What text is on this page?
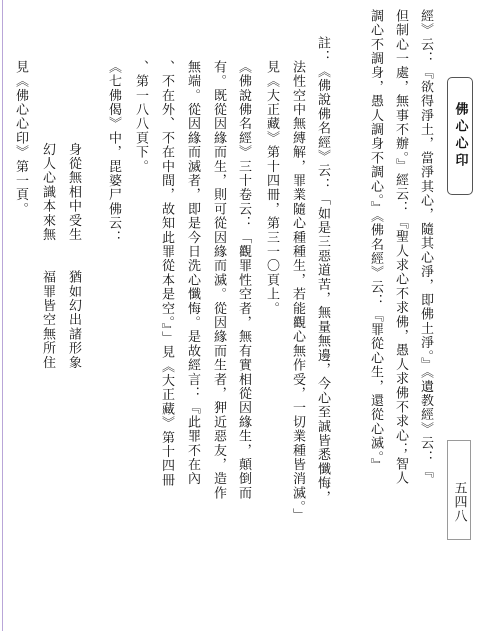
佛心心印
五四八
經》云：『欲得淨土，當淨其心，隨其心淨，即佛土淨。』《遺教經》云：『
但制心一處，無事不辦。』經云：『聖人求心不求佛，愚人求佛不求心；智人
調心不調身，愚人調身不調心。』《佛名經》云：『罪從心生，還從心滅。』
註：《佛說佛名經》云：「如是三惡道苦，無量無邊，今心至誠皆悉懺悔，
法性空中無縛解，罪業隨心種種生，若能觀心無作受，一切業種皆消滅。」
見《大正藏》第十四冊，第三一〇頁上。
《佛說佛名經》三十卷云：「觀罪性空者，無有實相從因緣生，顛倒而
有。既從因緣而生，則可從因緣而滅。從因緣而生者，狎近惡友，造作
無端。從因緣而滅者，即是今日洗心懺悔。是故經言：『此罪不在內
、不在外、不在中間，故知此罪從本是空。』」見《大正藏》第十四冊
、第一八八頁下。
《七佛偈》中，毘婆尸佛云：
　　身從無相中受生　　猶如幻出諸形象
　　幻人心識本來無　　福罪皆空無所住
見《佛心心印》第一頁。
